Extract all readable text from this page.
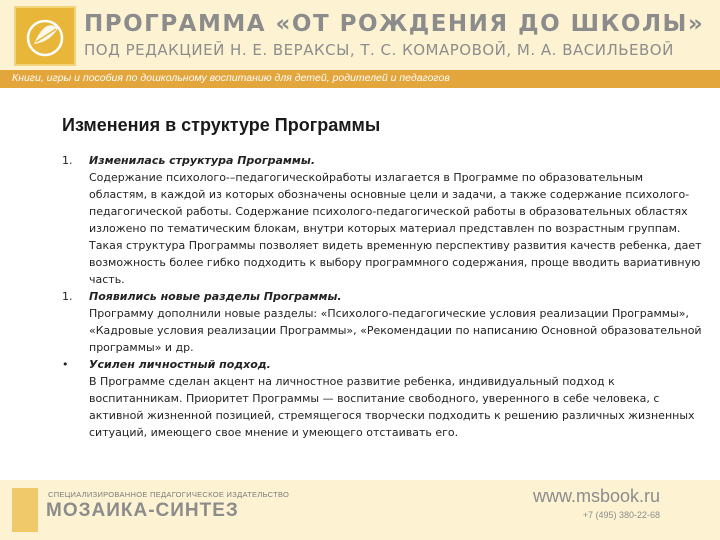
ПРОГРАММА «ОТ РОЖДЕНИЯ ДО ШКОЛЫ»
ПОД РЕДАКЦИЕЙ Н. Е. ВЕРАКСЫ, Т. С. КОМАРОВОЙ, М. А. ВАСИЛЬЕВОЙ
Книги, игры и пособия по дошкольному воспитанию для детей, родителей и педагогов
Изменения в структуре Программы
1. Изменилась структура Программы.
Содержание психолого-–педагогическойработы излагается в Программе по образовательным областям, в каждой из которых обозначены основные цели и задачи, а также содержание психолого-педагогической работы. Содержание психолого-педагогической работы в образовательных областях изложено по тематическим блокам, внутри которых материал представлен по возрастным группам. Такая структура Программы позволяет видеть временную перспективу развития качеств ребенка, дает возможность более гибко подходить к выбору программного содержания, проще вводить вариативную часть.
1. Появились новые разделы Программы.
Программу дополнили новые разделы: «Психолого-педагогические условия реализации Программы», «Кадровые условия реализации Программы», «Рекомендации по написанию Основной образовательной программы» и др.
• Усилен личностный подход.
В Программе сделан акцент на личностное развитие ребенка, индивидуальный подход к воспитанникам. Приоритет Программы — воспитание свободного, уверенного в себе человека, с активной жизненной позицией, стремящегося творчески подходить к решению различных жизненных ситуаций, имеющего свое мнение и умеющего отстаивать его.
СПЕЦИАЛИЗИРОВАННОЕ ПЕДАГОГИЧЕСКОЕ ИЗДАТЕЛЬСТВО
МОЗАИКА-СИНТЕЗ
www.msbook.ru
+7 (495) 380-22-68
